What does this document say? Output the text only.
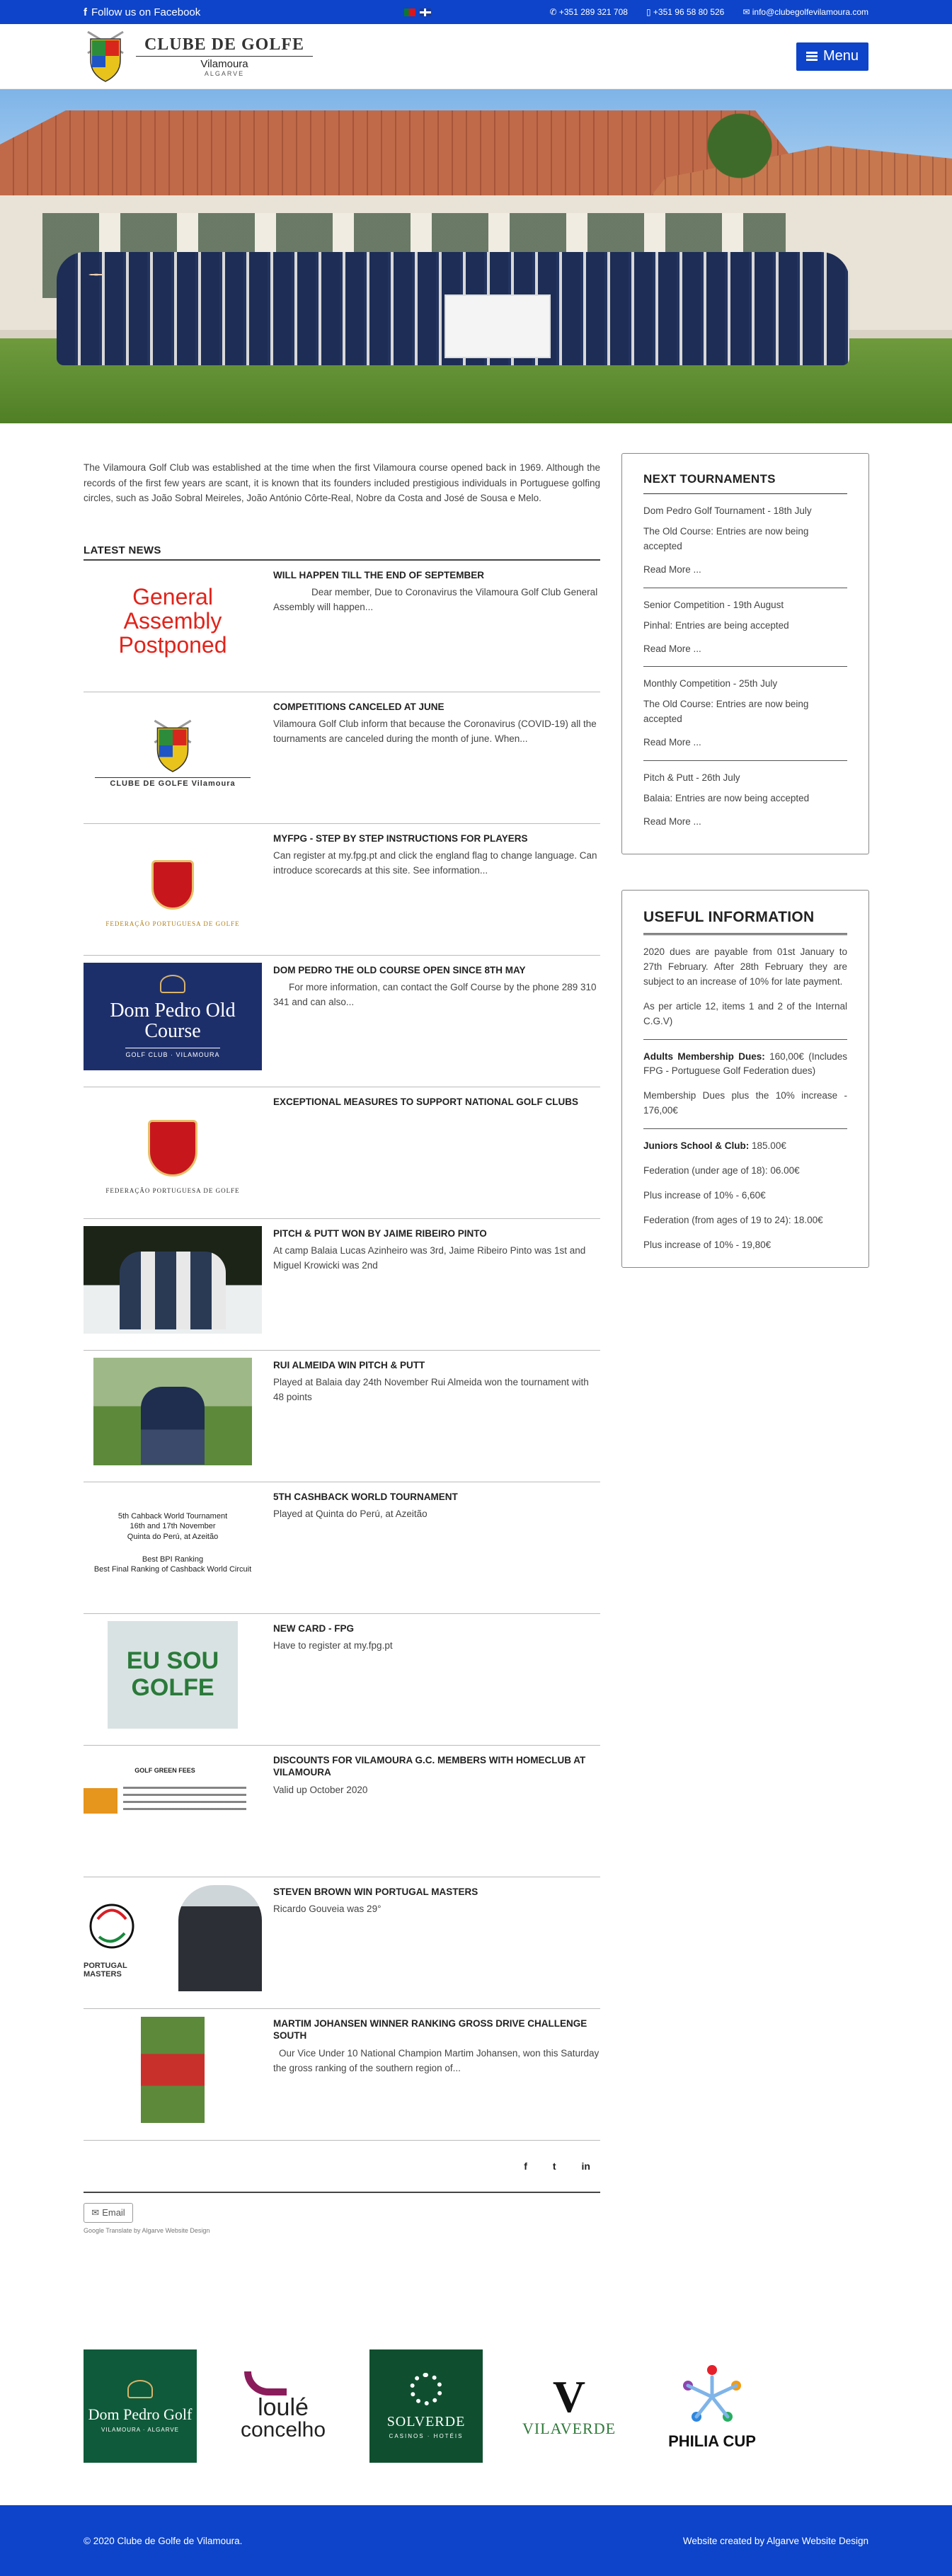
f Follow us on Facebook	✆ +351 289 321 708 ▯ +351 96 58 80 526 ✉ info@clubegolfevilamoura.com
CLUBE DE GOLFE
Vilamoura
ALGARVE
Menu

The Vilamoura Golf Club was established at the time when the first Vilamoura course opened back in 1969. Although the records of the first few years are scant, it is known that its founders included prestigious individuals in Portuguese golfing circles, such as João Sobral Meireles, João António Côrte-Real, Nobre da Costa and José de Sousa e Melo.

LATEST NEWS
General Assembly Postponed
WILL HAPPEN TILL THE END OF SEPTEMBER
Dear member, Due to Coronavirus the Vilamoura Golf Club General Assembly will happen...
CLUBE DE GOLFE Vilamoura
COMPETITIONS CANCELED AT JUNE
Vilamoura Golf Club inform that because the Coronavirus (COVID-19) all the tournaments are canceled during the month of june. When...
FEDERAÇÃO PORTUGUESA DE GOLFE
MYFPG - STEP BY STEP INSTRUCTIONS FOR PLAYERS
Can register at my.fpg.pt and click the england flag to change language. Can introduce scorecards at this site. See information...
Dom Pedro Old Course
GOLF CLUB · VILAMOURA
DOM PEDRO THE OLD COURSE OPEN SINCE 8TH MAY
For more information, can contact the Golf Course by the phone 289 310 341 and can also...
FEDERAÇÃO PORTUGUESA DE GOLFE
EXCEPTIONAL MEASURES TO SUPPORT NATIONAL GOLF CLUBS
PITCH & PUTT WON BY JAIME RIBEIRO PINTO
At camp Balaia Lucas Azinheiro was 3rd, Jaime Ribeiro Pinto was 1st and Miguel Krowicki was 2nd
RUI ALMEIDA WIN PITCH & PUTT
Played at Balaia day 24th November Rui Almeida won the tournament with 48 points
5th Cahback World Tournament
16th and 17th November
Quinta do Perú, at Azeitão
Best BPI Ranking
Best Final Ranking of Cashback World Circuit
5TH CASHBACK WORLD TOURNAMENT
Played at Quinta do Perú, at Azeitão
EU SOU GOLFE
NEW CARD - FPG
Have to register at my.fpg.pt
GOLF GREEN FEES
DISCOUNTS FOR VILAMOURA G.C. MEMBERS WITH HOMECLUB AT VILAMOURA
Valid up October 2020
PORTUGAL MASTERS
STEVEN BROWN WIN PORTUGAL MASTERS
Ricardo Gouveia was 29°
MARTIM JOHANSEN WINNER RANKING GROSS DRIVE CHALLENGE SOUTH
Our Vice Under 10 National Champion Martim Johansen, won this Saturday the gross ranking of the southern region of...
f	t	in
✉ Email
Google Translate by Algarve Website Design
NEXT TOURNAMENTS
Dom Pedro Golf Tournament - 18th July
The Old Course: Entries are now being accepted
Read More ...
Senior Competition - 19th August
Pinhal: Entries are being accepted
Read More ...
Monthly Competition - 25th July
The Old Course: Entries are now being accepted
Read More ...
Pitch & Putt - 26th July
Balaia: Entries are now being accepted
Read More ...
USEFUL INFORMATION

2020 dues are payable from 01st January to 27th February. After 28th February they are subject to an increase of 10% for late payment.

As per article 12, items 1 and 2 of the Internal C.G.V)

Adults Membership Dues: 160,00€ (Includes FPG - Portuguese Golf Federation dues)

Membership Dues plus the 10% increase - 176,00€

Juniors School & Club: 185.00€

Federation (under age of 18): 06.00€

Plus increase of 10% - 6,60€

Federation (from ages of 19 to 24): 18.00€

Plus increase of 10% - 19,80€

Dom Pedro Golf
VILAMOURA · ALGARVE
loulé
concelho	SOLVERDE
CASINOS · HOTÉIS
V
VILAVERDE
PHILIA CUP
© 2020 Clube de Golfe de Vilamoura.	Website created by Algarve Website Design
